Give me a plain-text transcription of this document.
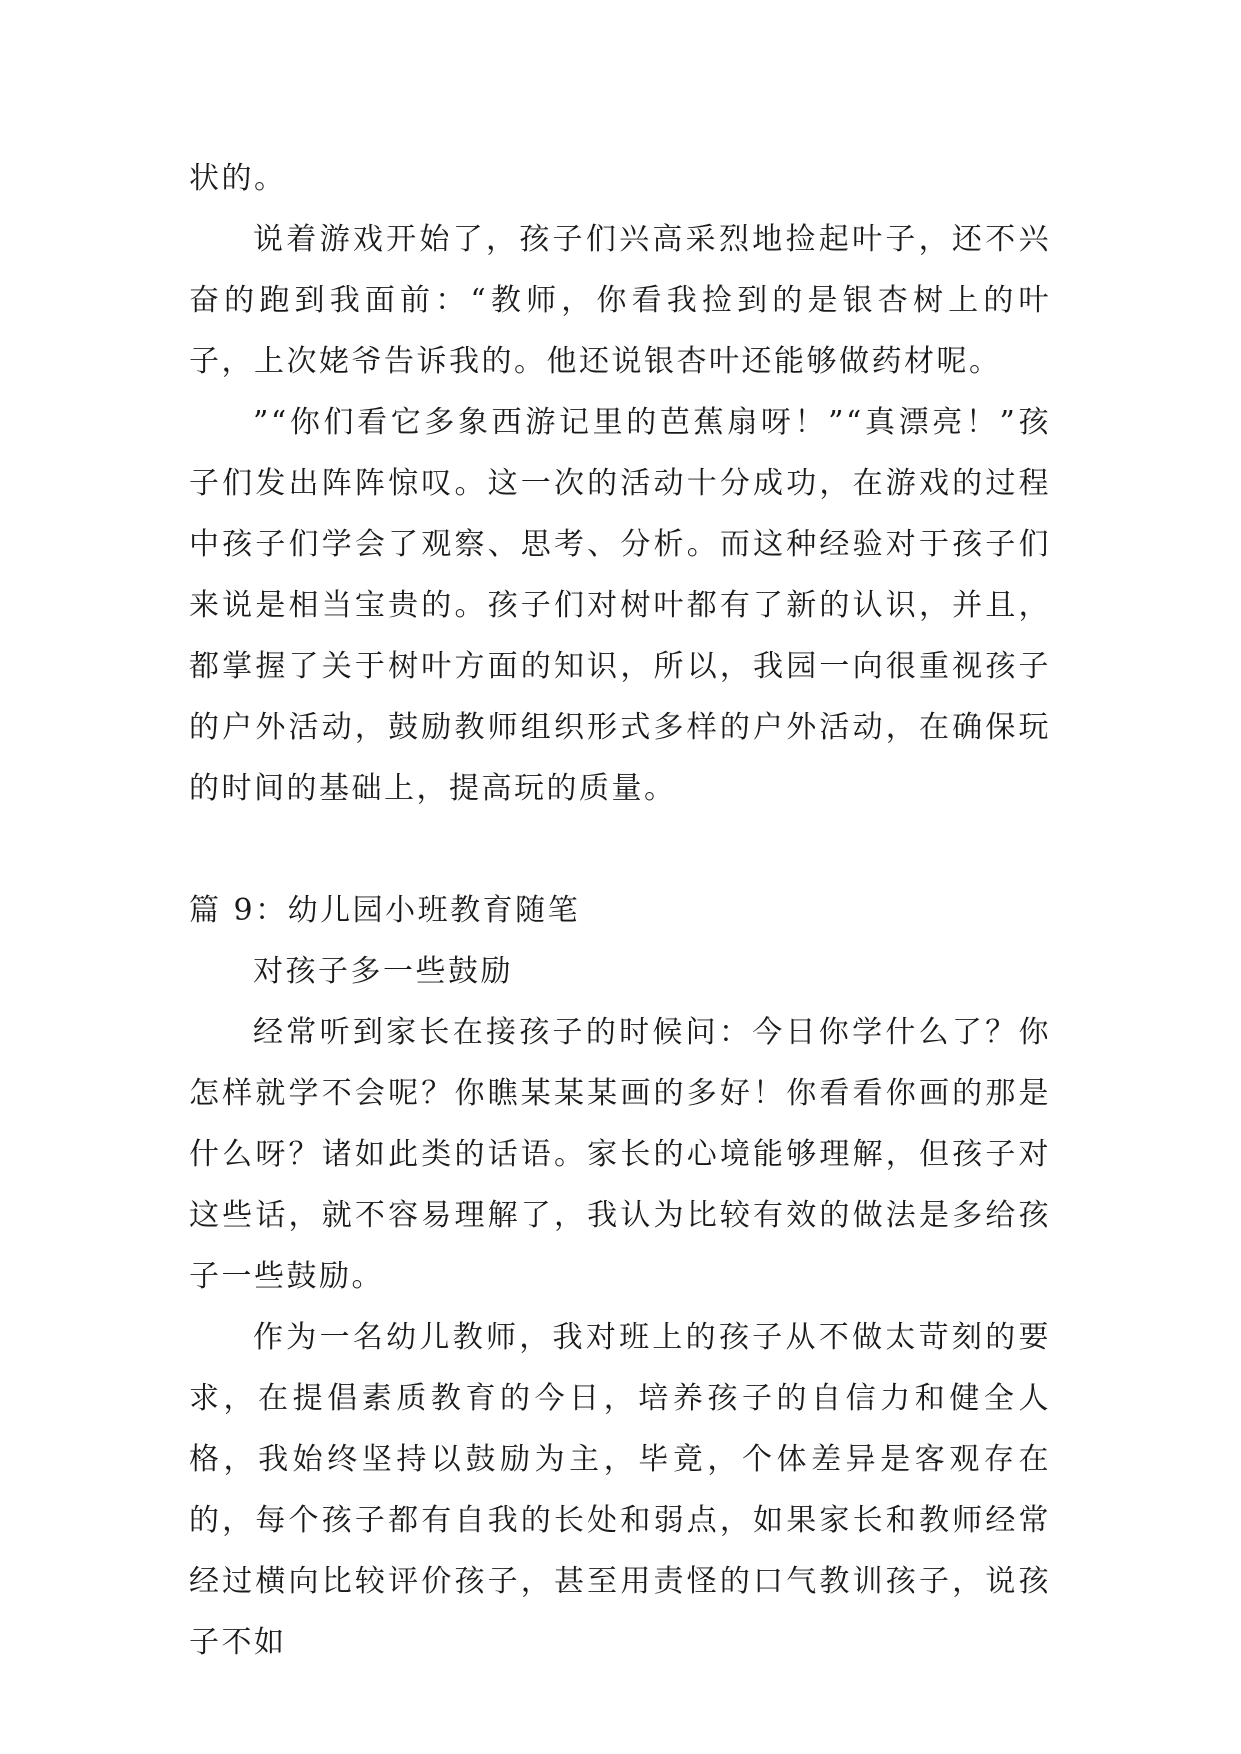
状的。

说着游戏开始了，孩子们兴高采烈地捡起叶子，还不兴奋的跑到我面前：“教师，你看我捡到的是银杏树上的叶子，上次姥爷告诉我的。他还说银杏叶还能够做药材呢。

”“你们看它多象西游记里的芭蕉扇呀！”“真漂亮！”孩子们发出阵阵惊叹。这一次的活动十分成功，在游戏的过程中孩子们学会了观察、思考、分析。而这种经验对于孩子们来说是相当宝贵的。孩子们对树叶都有了新的认识，并且，都掌握了关于树叶方面的知识，所以，我园一向很重视孩子的户外活动，鼓励教师组织形式多样的户外活动，在确保玩的时间的基础上，提高玩的质量。

篇 9：幼儿园小班教育随笔

对孩子多一些鼓励

经常听到家长在接孩子的时候问：今日你学什么了？你怎样就学不会呢？你瞧某某某画的多好！你看看你画的那是什么呀？诸如此类的话语。家长的心境能够理解，但孩子对这些话，就不容易理解了，我认为比较有效的做法是多给孩子一些鼓励。

作为一名幼儿教师，我对班上的孩子从不做太苛刻的要求，在提倡素质教育的今日，培养孩子的自信力和健全人格，我始终坚持以鼓励为主，毕竟，个体差异是客观存在的，每个孩子都有自我的长处和弱点，如果家长和教师经常经过横向比较评价孩子，甚至用责怪的口气教训孩子，说孩子不如
